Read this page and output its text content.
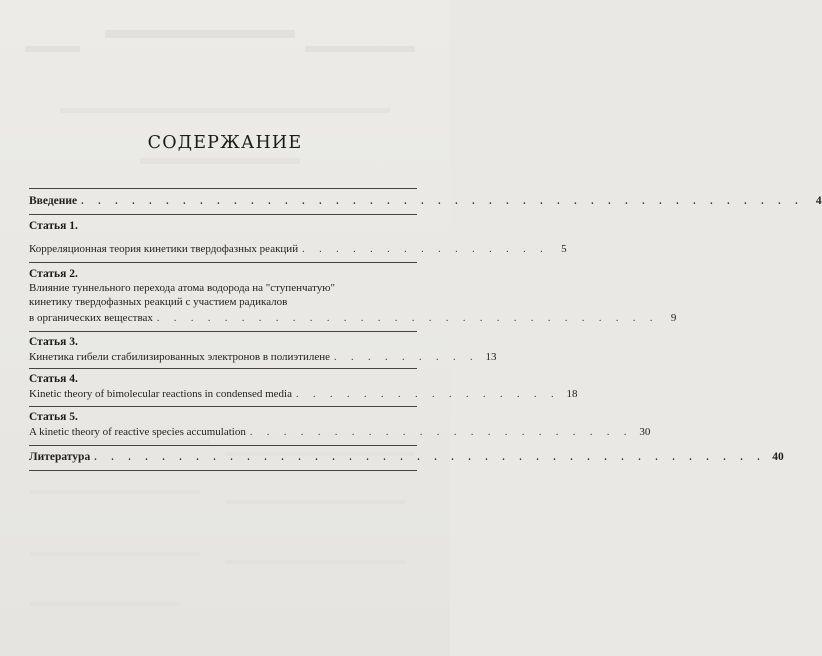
СОДЕРЖАНИЕ
Введение . . . . . . . . . . . . . . . . . . . . . . . . . . . . . . . . . . . . . . . . . . .	4
Статья 1.
Корреляционная теория кинетики твердофазных реакций . . . . . . . . . . . . . . .	5
Статья 2.
Влияние туннельного перехода атома водорода на "ступенчатую"
кинетику твердофазных реакций с участием радикалов
в органических веществах . . . . . . . . . . . . . . . . . . . . . . . . . . . . . .	9
Статья 3.
Кинетика гибели стабилизированных электронов в полиэтилене . . . . . . . . . 13
Статья 4.
Kinetic theory of bimolecular reactions in condensed media . . . . . . . . . . . . . . . . 18
Статья 5.
A kinetic theory of reactive species accumulation . . . . . . . . . . . . . . . . . . . . . . . 30
Литература . . . . . . . . . . . . . . . . . . . . . . . . . . . . . . . . . . . . . . . . 40
